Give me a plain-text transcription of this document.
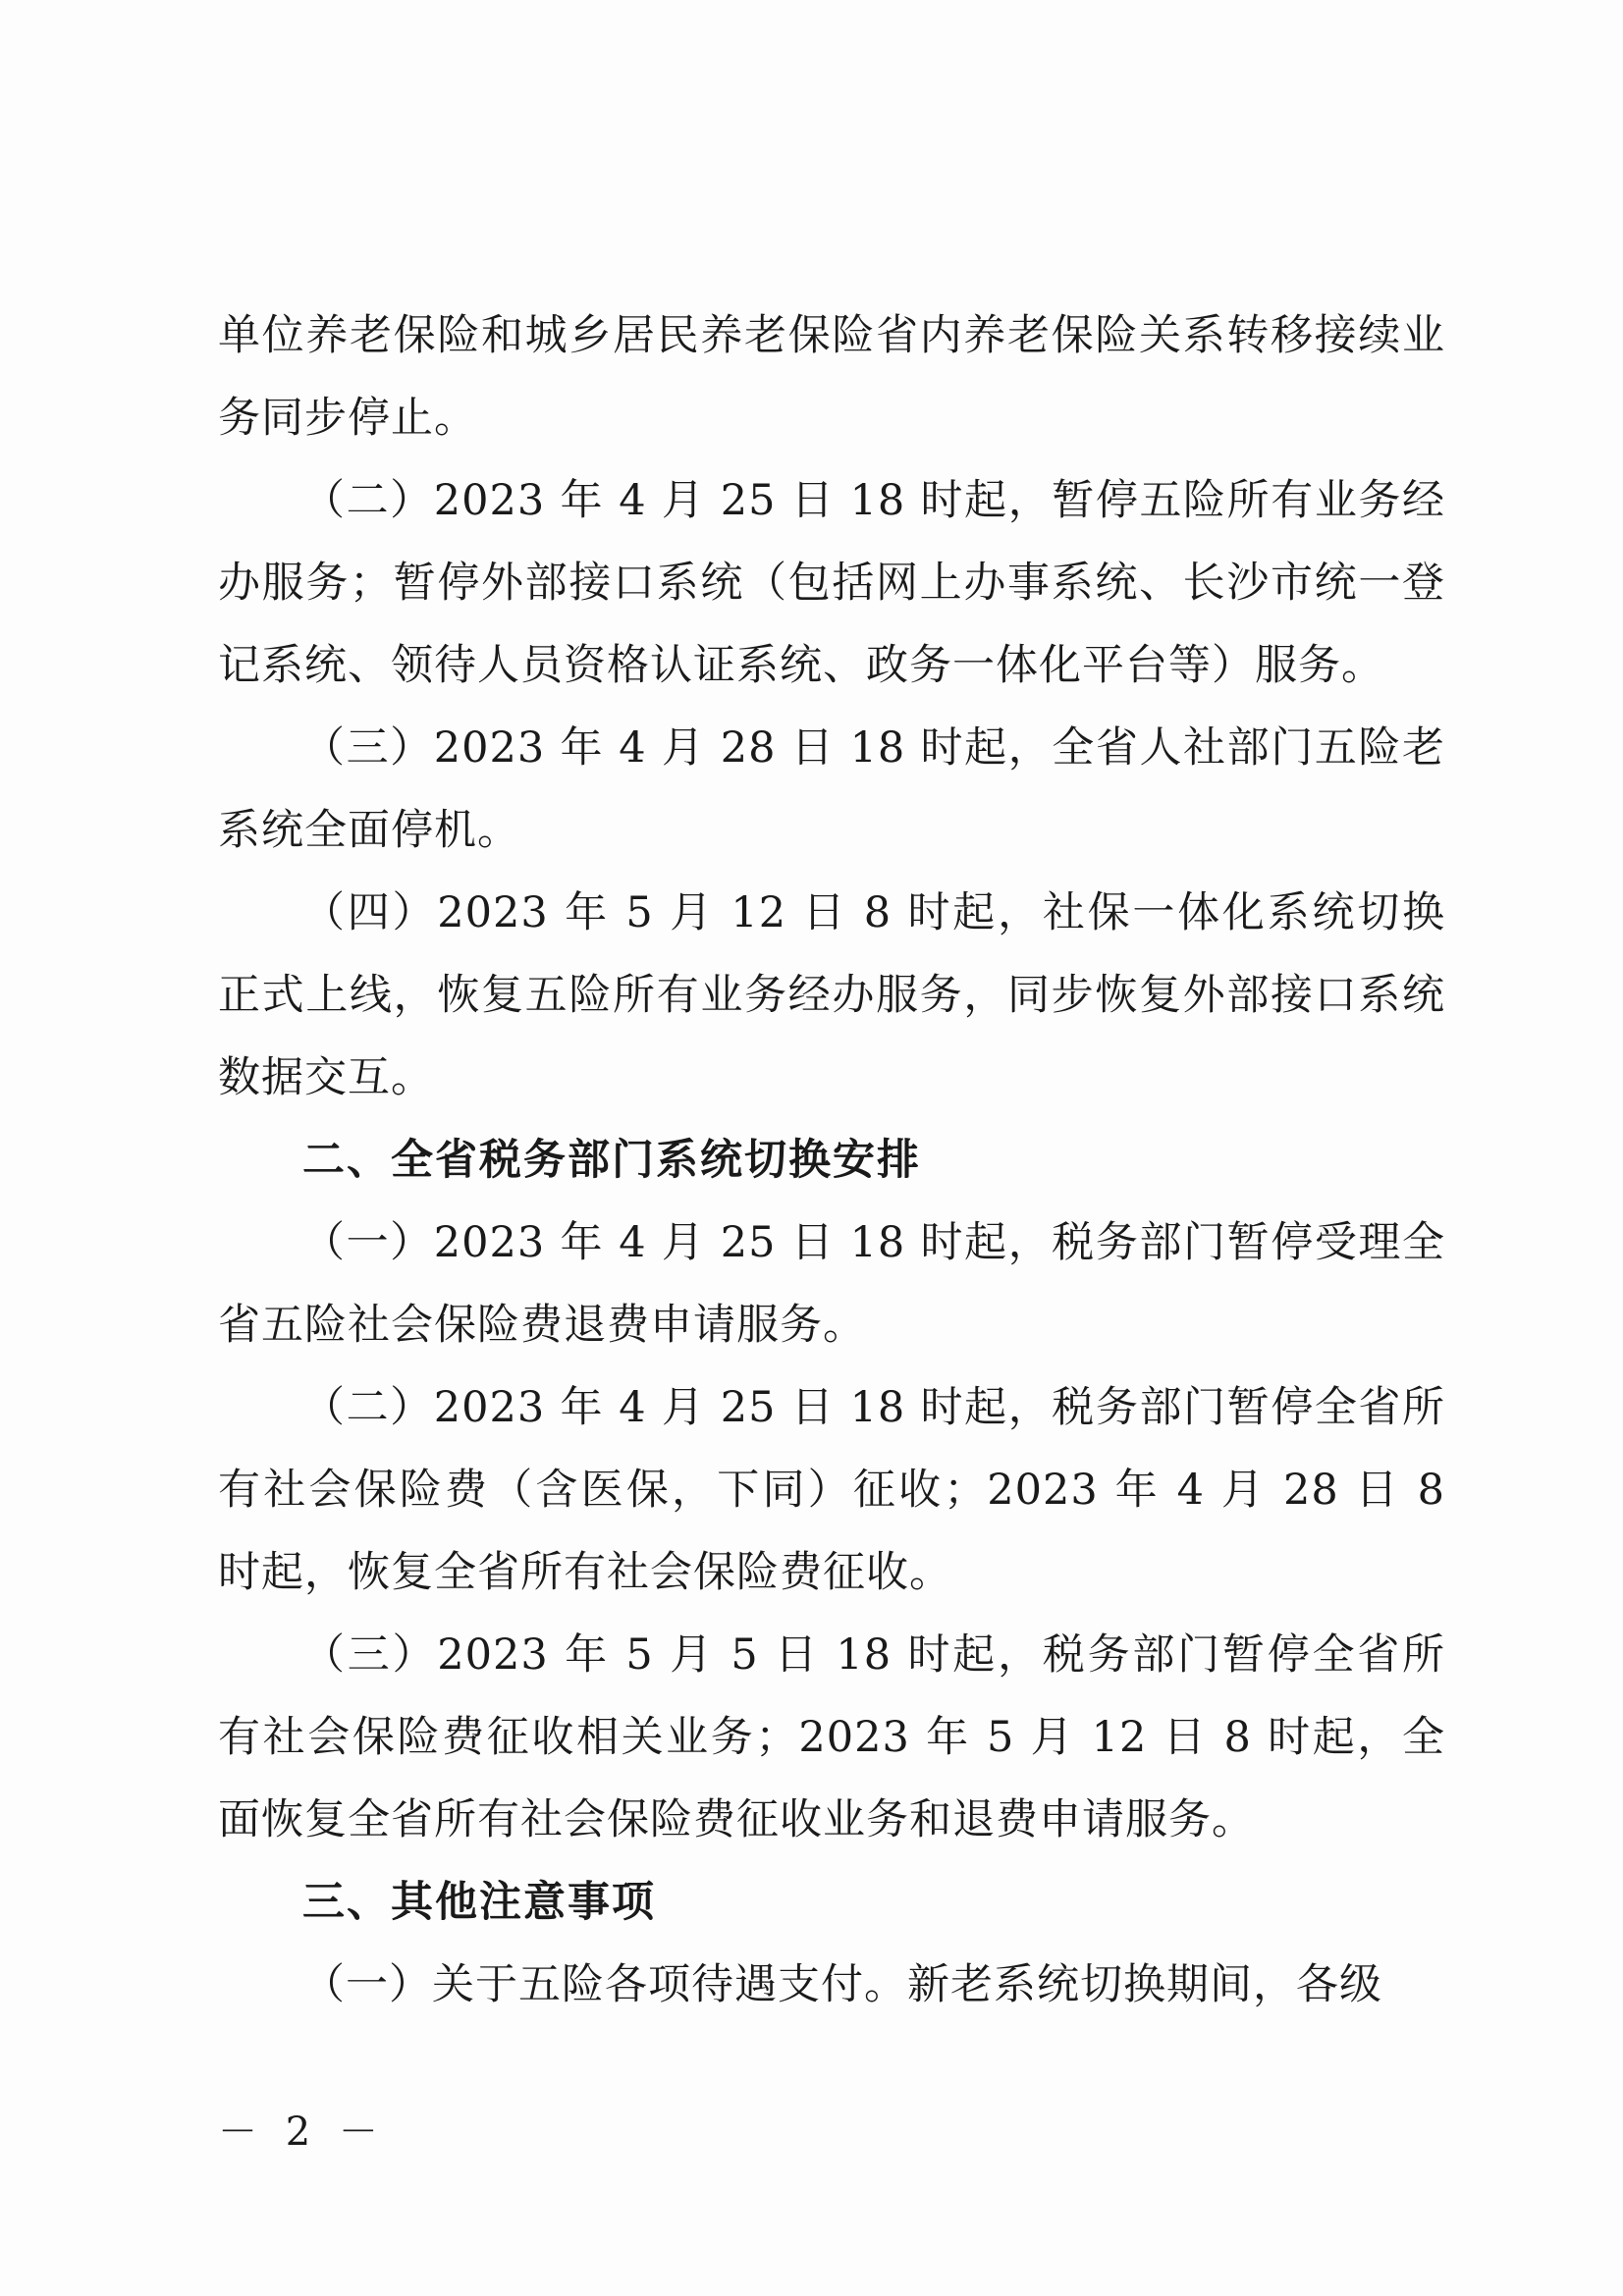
单位养老保险和城乡居民养老保险省内养老保险关系转移接续业务同步停止。

（二）2023 年 4 月 25 日 18 时起，暂停五险所有业务经办服务；暂停外部接口系统（包括网上办事系统、长沙市统一登记系统、领待人员资格认证系统、政务一体化平台等）服务。

（三）2023 年 4 月 28 日 18 时起，全省人社部门五险老系统全面停机。

（四）2023 年 5 月 12 日 8 时起，社保一体化系统切换正式上线，恢复五险所有业务经办服务，同步恢复外部接口系统数据交互。

二、全省税务部门系统切换安排

（一）2023 年 4 月 25 日 18 时起，税务部门暂停受理全省五险社会保险费退费申请服务。

（二）2023 年 4 月 25 日 18 时起，税务部门暂停全省所有社会保险费（含医保，下同）征收；2023 年 4 月 28 日 8 时起，恢复全省所有社会保险费征收。

（三）2023 年 5 月 5 日 18 时起，税务部门暂停全省所有社会保险费征收相关业务；2023 年 5 月 12 日 8 时起，全面恢复全省所有社会保险费征收业务和退费申请服务。

三、其他注意事项

（一）关于五险各项待遇支付。新老系统切换期间，各级

－ 2 －
